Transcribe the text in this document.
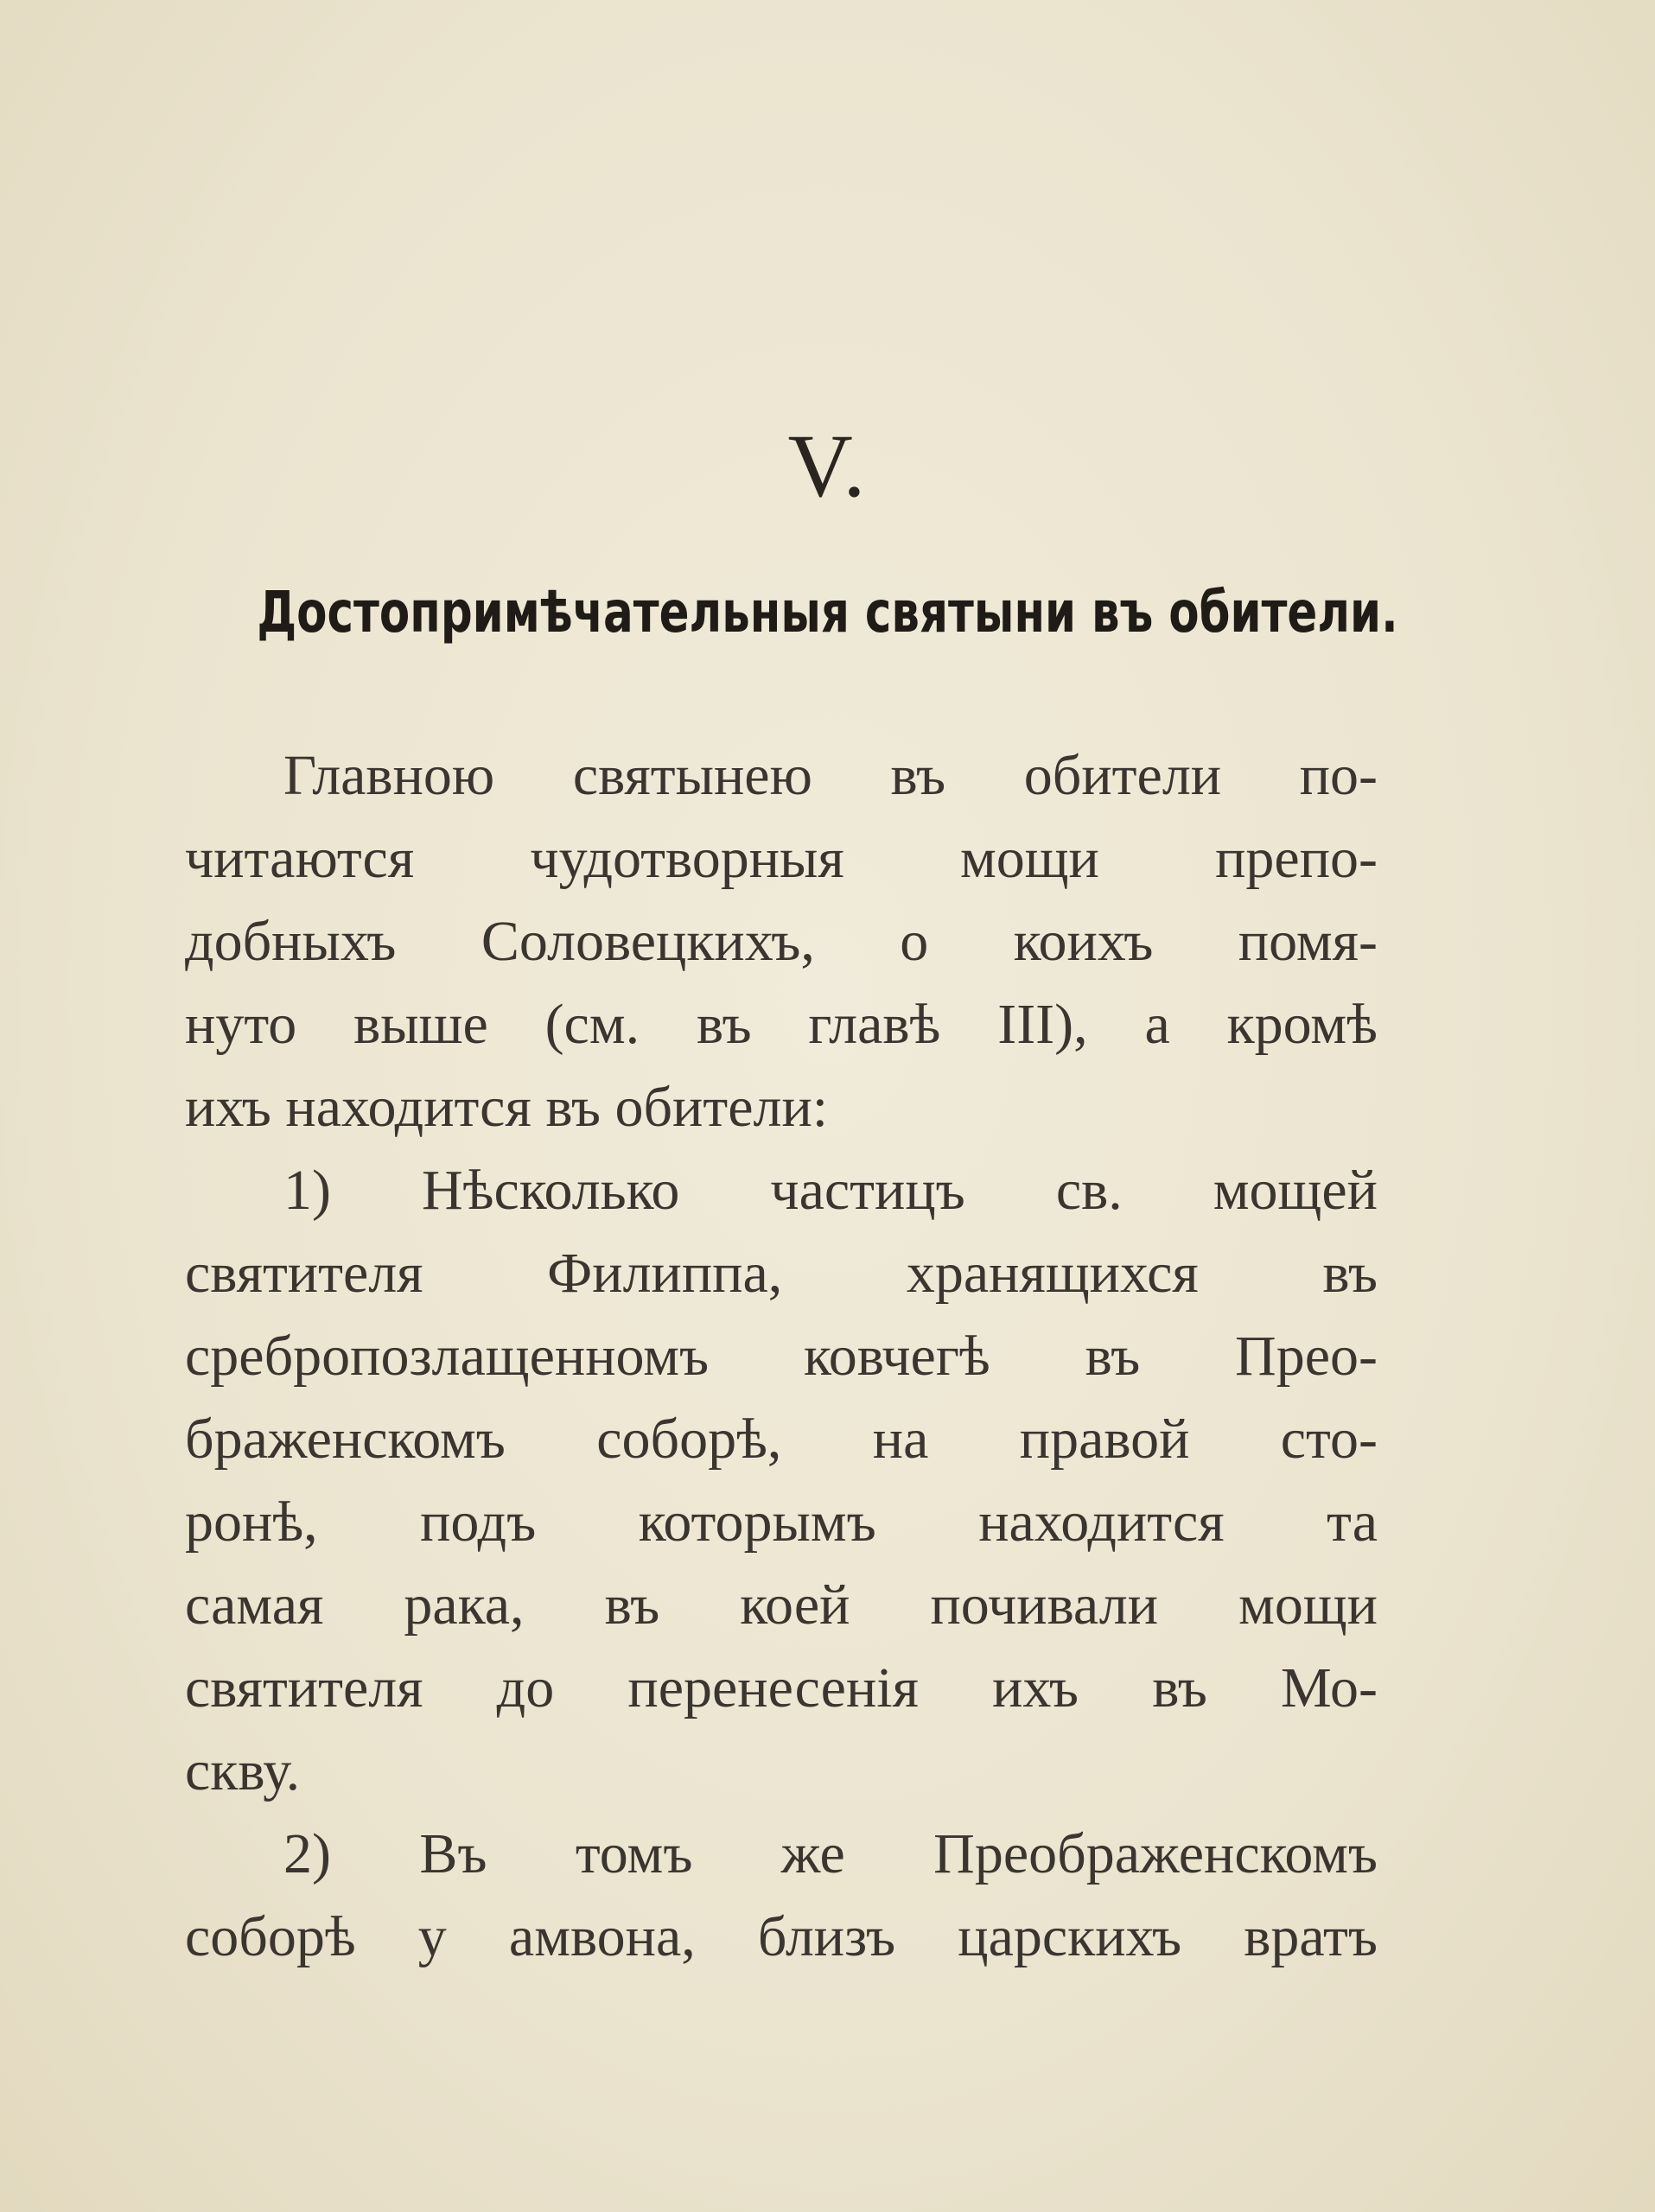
V.
Достопримѣчательныя святыни въ обители.
Главною святынею въ обители по-
читаются чудотворныя мощи препо-
добныхъ Соловецкихъ, о коихъ помя-
нуто выше (см. въ главѣ III), а кромѣ
ихъ находится въ обители:
1) Нѣсколько частицъ св. мощей
святителя Филиппа, хранящихся въ
сребропозлащенномъ ковчегѣ въ Прео-
браженскомъ соборѣ, на правой сто-
ронѣ, подъ которымъ находится та
самая рака, въ коей почивали мощи
святителя до перенесенія ихъ въ Мо-
скву.
2) Въ томъ же Преображенскомъ
соборѣ у амвона, близъ царскихъ вратъ
